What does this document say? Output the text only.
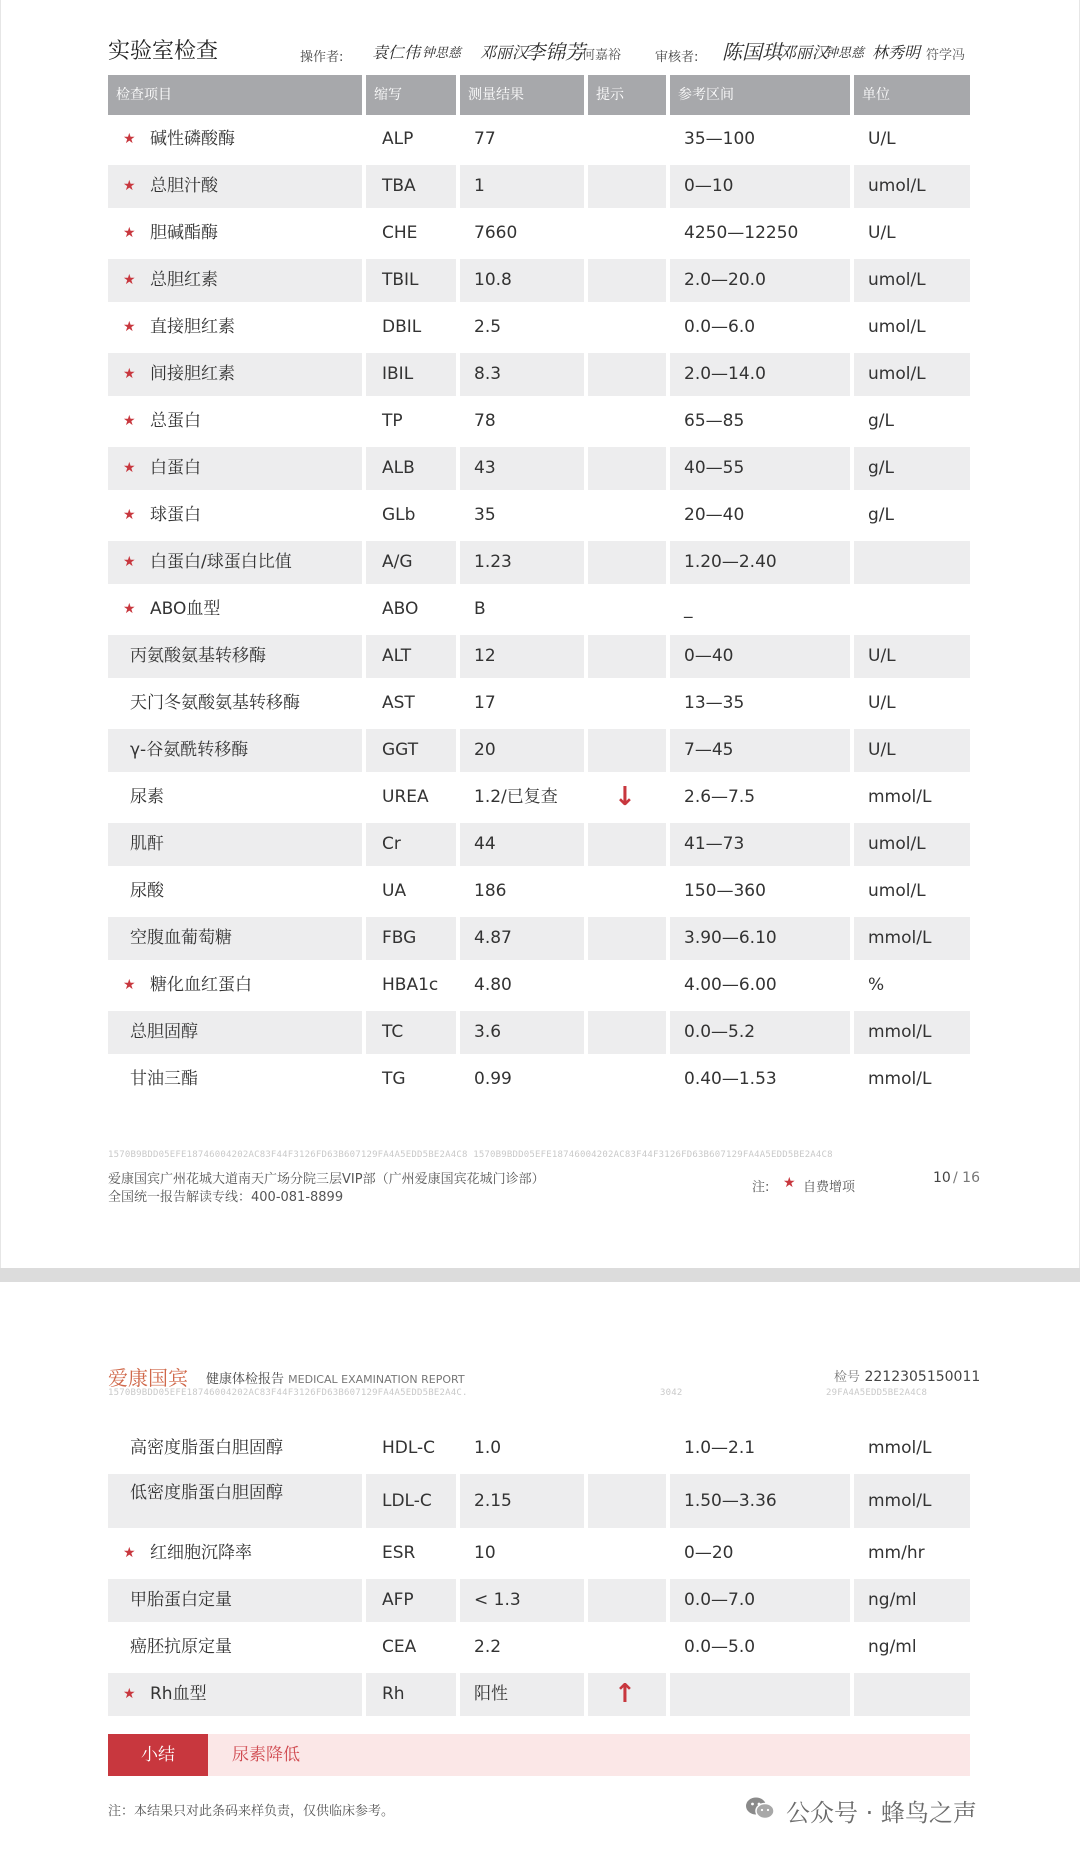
实验室检查	操作者: 袁仁伟 钟思慈 邓丽汉
李锦芳
何嘉裕	审核者: 陈国琪
邓丽汉
钟思慈 林秀明 符学冯
检查项目	缩写	测量结果	提示	参考区间	单位
★ 碱性磷酸酶	ALP	77	35—100	U/L
★ 总胆汁酸	TBA	1	0—10	umol/L
★ 胆碱酯酶	CHE	7660	4250—12250	U/L
★ 总胆红素	TBIL	10.8	2.0—20.0	umol/L
★ 直接胆红素	DBIL	2.5	0.0—6.0	umol/L
★ 间接胆红素	IBIL	8.3	2.0—14.0	umol/L
★ 总蛋白	TP	78	65—85	g/L
★ 白蛋白	ALB	43	40—55	g/L
★ 球蛋白	GLb	35	20—40	g/L
★ 白蛋白/球蛋白比值	A/G	1.23	1.20—2.40
★ ABO血型	ABO	B	_
丙氨酸氨基转移酶	ALT	12	0—40	U/L
天门冬氨酸氨基转移酶	AST	17	13—35	U/L
γ-谷氨酰转移酶	GGT	20	7—45	U/L
尿素	UREA	1.2/已复查	↓	2.6—7.5	mmol/L
肌酐	Cr	44	41—73	umol/L
尿酸	UA	186	150—360	umol/L
空腹血葡萄糖	FBG	4.87	3.90—6.10	mmol/L
★ 糖化血红蛋白	HBA1c	4.80	4.00—6.00	%
总胆固醇	TC	3.6	0.0—5.2	mmol/L
甘油三酯	TG	0.99	0.40—1.53	mmol/L
1570B9BDD05EFE18746004202AC83F44F3126FD63B607129FA4A5EDD5BE2A4C8 1570B9BDD05EFE18746004202AC83F44F3126FD63B607129FA4A5EDD5BE2A4C8
爱康国宾广州花城大道南天广场分院三层VIP部（广州爱康国宾花城门诊部）
全国统一报告解读专线：400-081-8899
注: ★ 自费增项
10 / 16
爱康国宾 健康体检报告 MEDICAL EXAMINATION REPORT	检号 2212305150011
1570B9BDD05EFE18746004202AC83F44F3126FD63B607129FA4A5EDD5BE2A4C.	3042	29FA4A5EDD5BE2A4C8
高密度脂蛋白胆固醇	HDL-C	1.0	1.0—2.1	mmol/L
低密度脂蛋白胆固醇	LDL-C	2.15	1.50—3.36	mmol/L
★ 红细胞沉降率	ESR	10	0—20	mm/hr
甲胎蛋白定量	AFP	< 1.3	0.0—7.0	ng/ml
癌胚抗原定量	CEA	2.2	0.0—5.0	ng/ml
★ Rh血型	Rh	阳性	↑
小结	尿素降低
注：本结果只对此条码来样负责，仅供临床参考。	公众号 · 蜂鸟之声
